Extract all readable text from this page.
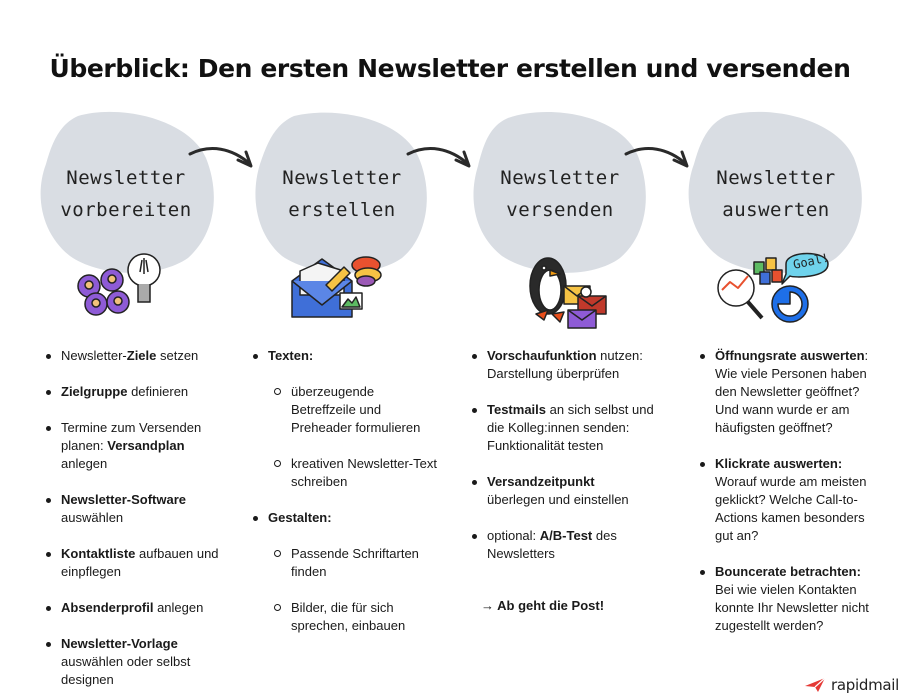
Überblick: Den ersten Newsletter erstellen und versenden
Newsletter
vorbereiten
Newsletter
erstellen
Newsletter
versenden
Newsletter
auswerten
Goal!
Newsletter-Ziele setzen
Zielgruppe definieren
Termine zum Versenden planen: Versandplan anlegen
Newsletter-Software auswählen
Kontaktliste aufbauen und einpflegen
Absenderprofil anlegen
Newsletter-Vorlage auswählen oder selbst designen
Texten:
überzeugende Betreffzeile und Preheader formulieren
kreativen Newsletter-Text schreiben
Gestalten:
Passende Schriftarten finden
Bilder, die für sich sprechen, einbauen
Vorschaufunktion nutzen: Darstellung überprüfen
Testmails an sich selbst und die Kolleg:innen senden: Funktionalität testen
Versandzeitpunkt überlegen und einstellen
optional: A/B-Test des Newsletters
→ Ab geht die Post!
Öffnungsrate auswerten: Wie viele Personen haben den Newsletter geöffnet? Und wann wurde er am häufigsten geöffnet?
Klickrate auswerten: Worauf wurde am meisten geklickt? Welche Call-to-Actions kamen besonders gut an?
Bouncerate betrachten: Bei wie vielen Kontakten konnte Ihr Newsletter nicht zugestellt werden?
rapidmail
